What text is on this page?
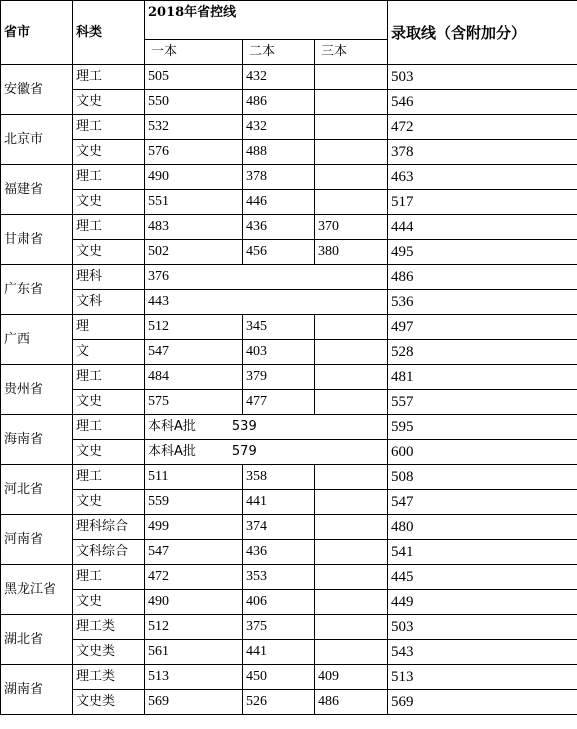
省市	科类	2018年省控线			录取线（含附加分）
		一本	二本	三本	
安徽省	理工	505	432		503
	文史	550	486		546
北京市	理工	532	432		472
	文史	576	488		378
福建省	理工	490	378		463
	文史	551	446		517
甘肃省	理工	483	436	370	444
	文史	502	456	380	495
广东省	理科	376			486
	文科	443			536
广西	理	512	345		497
	文	547	403		528
贵州省	理工	484	379		481
	文史	575	477		557
海南省	理工	本科A批 539			595
	文史	本科A批 579			600
河北省	理工	511	358		508
	文史	559	441		547
河南省	理科综合	499	374		480
	文科综合	547	436		541
黑龙江省	理工	472	353		445
	文史	490	406		449
湖北省	理工类	512	375		503
	文史类	561	441		543
湖南省	理工类	513	450	409	513
	文史类	569	526	486	569
